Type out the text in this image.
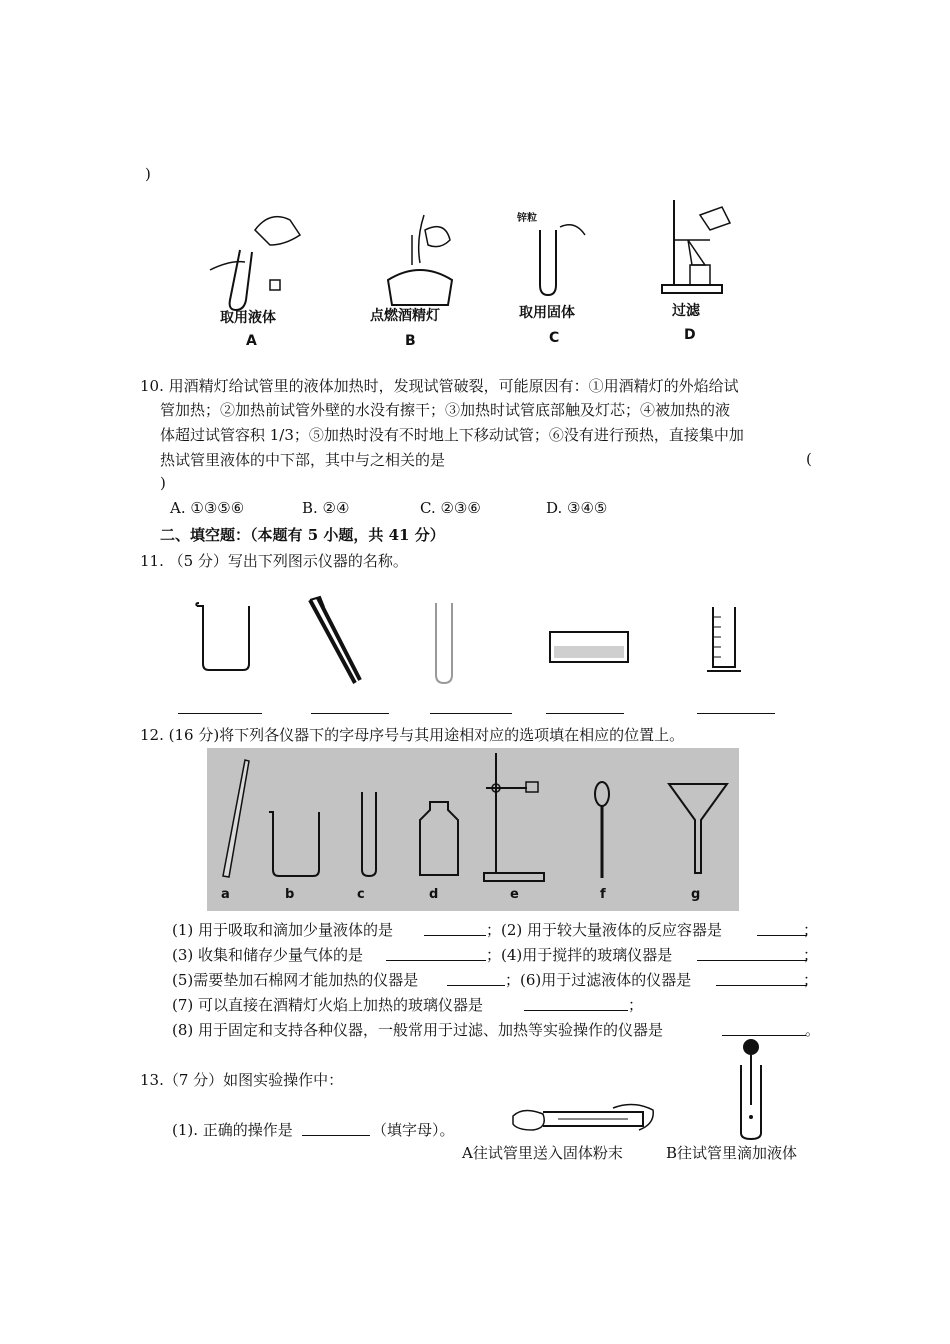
)
锌粒
取用液体
A
点燃酒精灯
B
取用固体
C
过滤
D
10. 用酒精灯给试管里的液体加热时，发现试管破裂，可能原因有：①用酒精灯的外焰给试
管加热；②加热前试管外壁的水没有擦干；③加热时试管底部触及灯芯；④被加热的液
体超过试管容积 1/3；⑤加热时没有不时地上下移动试管；⑥没有进行预热，直接集中加
热试管里液体的中下部，其中与之相关的是	(
)
A. ①③⑤⑥	B. ②④	C. ②③⑥	D. ③④⑤
二、填空题：（本题有 5 小题，共 41 分）
11. （5 分）写出下列图示仪器的名称。
12. (16 分)将下列各仪器下的字母序号与其用途相对应的选项填在相应的位置上。
a	b	c	d	e	f	g
(1) 用于吸取和滴加少量液体的是	；(2) 用于较大量液体的反应容器是	；
(3) 收集和储存少量气体的是	；(4)用于搅拌的玻璃仪器是	；
(5)需要垫加石棉网才能加热的仪器是	；(6)用于过滤液体的仪器是	；
(7) 可以直接在酒精灯火焰上加热的玻璃仪器是	；
(8) 用于固定和支持各种仪器，一般常用于过滤、加热等实验操作的仪器是	。
13.（7 分）如图实验操作中：
(1). 正确的操作是	（填字母）。
A往试管里送入固体粉末	B往试管里滴加液体
